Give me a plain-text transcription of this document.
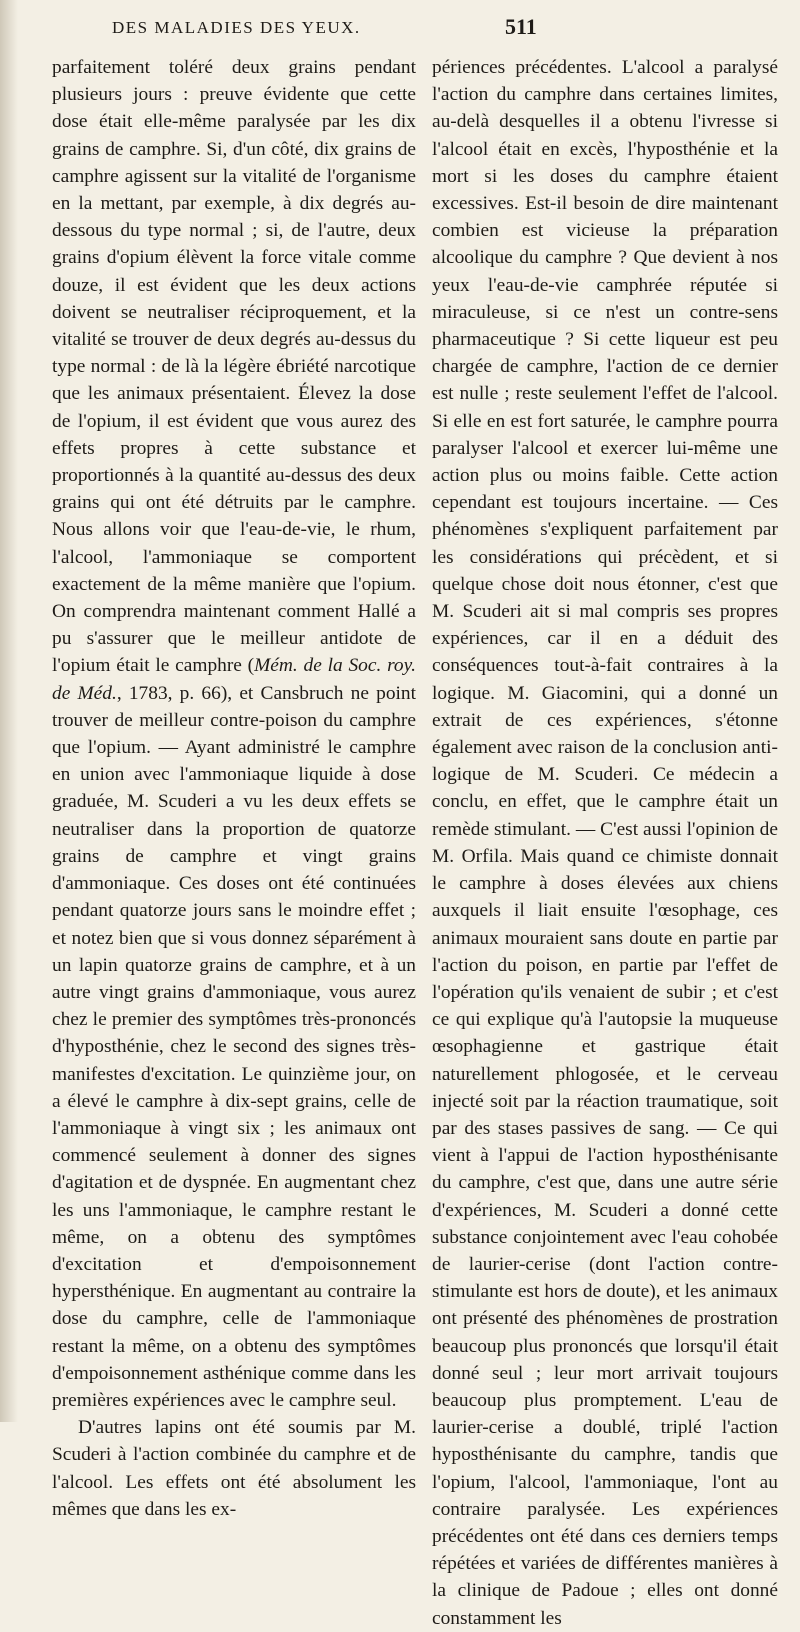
DES MALADIES DES YEUX.	511

parfaitement toléré deux grains pendant plusieurs jours : preuve évidente que cette dose était elle-même paralysée par les dix grains de camphre. Si, d'un côté, dix grains de camphre agissent sur la vitalité de l'organisme en la mettant, par exemple, à dix degrés au-dessous du type normal ; si, de l'autre, deux grains d'opium élèvent la force vitale comme douze, il est évident que les deux actions doivent se neutraliser réciproquement, et la vitalité se trouver de deux degrés au-dessus du type normal : de là la légère ébriété narcotique que les animaux présentaient. Élevez la dose de l'opium, il est évident que vous aurez des effets propres à cette substance et proportionnés à la quantité au-dessus des deux grains qui ont été détruits par le camphre. Nous allons voir que l'eau-de-vie, le rhum, l'alcool, l'ammoniaque se comportent exactement de la même manière que l'opium. On comprendra maintenant comment Hallé a pu s'assurer que le meilleur antidote de l'opium était le camphre (Mém. de la Soc. roy. de Méd., 1783, p. 66), et Cansbruch ne point trouver de meilleur contre-poison du camphre que l'opium. — Ayant administré le camphre en union avec l'ammoniaque liquide à dose graduée, M. Scuderi a vu les deux effets se neutraliser dans la proportion de quatorze grains de camphre et vingt grains d'ammoniaque. Ces doses ont été continuées pendant quatorze jours sans le moindre effet ; et notez bien que si vous donnez séparément à un lapin quatorze grains de camphre, et à un autre vingt grains d'ammoniaque, vous aurez chez le premier des symptômes très-prononcés d'hyposthénie, chez le second des signes très-manifestes d'excitation. Le quinzième jour, on a élevé le camphre à dix-sept grains, celle de l'ammoniaque à vingt six ; les animaux ont commencé seulement à donner des signes d'agitation et de dyspnée. En augmentant chez les uns l'ammoniaque, le camphre restant le même, on a obtenu des symptômes d'excitation et d'empoisonnement hypersthénique. En augmentant au contraire la dose du camphre, celle de l'ammoniaque restant la même, on a obtenu des symptômes d'empoisonnement asthénique comme dans les premières expériences avec le camphre seul.

D'autres lapins ont été soumis par M. Scuderi à l'action combinée du camphre et de l'alcool. Les effets ont été absolument les mêmes que dans les ex-

périences précédentes. L'alcool a paralysé l'action du camphre dans certaines limites, au-delà desquelles il a obtenu l'ivresse si l'alcool était en excès, l'hyposthénie et la mort si les doses du camphre étaient excessives. Est-il besoin de dire maintenant combien est vicieuse la préparation alcoolique du camphre ? Que devient à nos yeux l'eau-de-vie camphrée réputée si miraculeuse, si ce n'est un contre-sens pharmaceutique ? Si cette liqueur est peu chargée de camphre, l'action de ce dernier est nulle ; reste seulement l'effet de l'alcool. Si elle en est fort saturée, le camphre pourra paralyser l'alcool et exercer lui-même une action plus ou moins faible. Cette action cependant est toujours incertaine. — Ces phénomènes s'expliquent parfaitement par les considérations qui précèdent, et si quelque chose doit nous étonner, c'est que M. Scuderi ait si mal compris ses propres expériences, car il en a déduit des conséquences tout-à-fait contraires à la logique. M. Giacomini, qui a donné un extrait de ces expériences, s'étonne également avec raison de la conclusion anti-logique de M. Scuderi. Ce médecin a conclu, en effet, que le camphre était un remède stimulant. — C'est aussi l'opinion de M. Orfila. Mais quand ce chimiste donnait le camphre à doses élevées aux chiens auxquels il liait ensuite l'œsophage, ces animaux mouraient sans doute en partie par l'action du poison, en partie par l'effet de l'opération qu'ils venaient de subir ; et c'est ce qui explique qu'à l'autopsie la muqueuse œsophagienne et gastrique était naturellement phlogosée, et le cerveau injecté soit par la réaction traumatique, soit par des stases passives de sang. — Ce qui vient à l'appui de l'action hyposthénisante du camphre, c'est que, dans une autre série d'expériences, M. Scuderi a donné cette substance conjointement avec l'eau cohobée de laurier-cerise (dont l'action contre-stimulante est hors de doute), et les animaux ont présenté des phénomènes de prostration beaucoup plus prononcés que lorsqu'il était donné seul ; leur mort arrivait toujours beaucoup plus promptement. L'eau de laurier-cerise a doublé, triplé l'action hyposthénisante du camphre, tandis que l'opium, l'alcool, l'ammoniaque, l'ont au contraire paralysée. Les expériences précédentes ont été dans ces derniers temps répétées et variées de différentes manières à la clinique de Padoue ; elles ont donné constamment les
